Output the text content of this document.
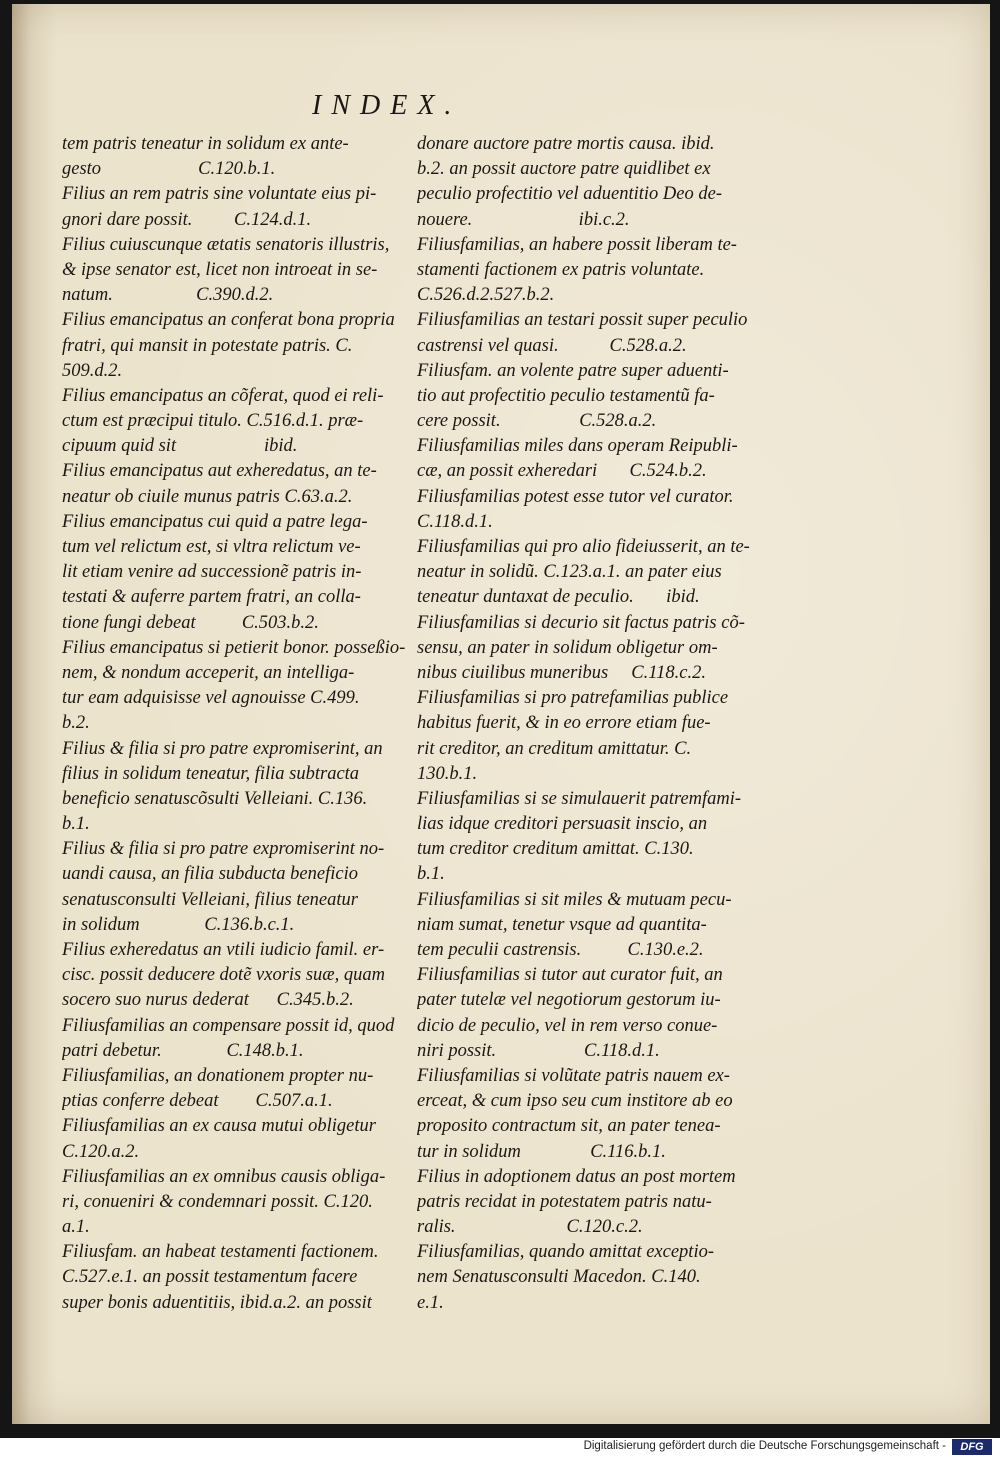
INDEX.
tem patris teneatur in solidum ex ante-
gesto                     C.120.b.1.
Filius an rem patris sine voluntate eius pi-
gnori dare possit.         C.124.d.1.
Filius cuiuscunque ætatis senatoris illustris,
& ipse senator est, licet non introeat in se-
natum.                  C.390.d.2.
Filius emancipatus an conferat bona propria
fratri, qui mansit in potestate patris. C.
509.d.2.
Filius emancipatus an cõferat, quod ei reli-
ctum est præcipui titulo. C.516.d.1. præ-
cipuum quid sit                   ibid.
Filius emancipatus aut exheredatus, an te-
neatur ob ciuile munus patris C.63.a.2.
Filius emancipatus cui quid a patre lega-
tum vel relictum est, si vltra relictum ve-
lit etiam venire ad successionẽ patris in-
testati & auferre partem fratri, an colla-
tione fungi debeat          C.503.b.2.
Filius emancipatus si petierit bonor. posseßio-
nem, & nondum acceperit, an intelliga-
tur eam adquisisse vel agnouisse C.499.
b.2.
Filius & filia si pro patre expromiserint, an
filius in solidum teneatur, filia subtracta
beneficio senatuscõsulti Velleiani. C.136.
b.1.
Filius & filia si pro patre expromiserint no-
uandi causa, an filia subducta beneficio
senatusconsulti Velleiani, filius teneatur
in solidum              C.136.b.c.1.
Filius exheredatus an vtili iudicio famil. er-
cisc. possit deducere dotẽ vxoris suæ, quam
socero suo nurus dederat      C.345.b.2.
Filiusfamilias an compensare possit id, quod
patri debetur.              C.148.b.1.
Filiusfamilias, an donationem propter nu-
ptias conferre debeat        C.507.a.1.
Filiusfamilias an ex causa mutui obligetur
C.120.a.2.
Filiusfamilias an ex omnibus causis obliga-
ri, conueniri & condemnari possit. C.120.
a.1.
Filiusfam. an habeat testamenti factionem.
C.527.e.1. an possit testamentum facere
super bonis aduentitiis, ibid.a.2. an possit
donare auctore patre mortis causa. ibid.
b.2. an possit auctore patre quidlibet ex
peculio profectitio vel aduentitio Deo de-
nouere.                       ibi.c.2.
Filiusfamilias, an habere possit liberam te-
stamenti factionem ex patris voluntate.
C.526.d.2.527.b.2.
Filiusfamilias an testari possit super peculio
castrensi vel quasi.           C.528.a.2.
Filiusfam. an volente patre super aduenti-
tio aut profectitio peculio testamentũ fa-
cere possit.                 C.528.a.2.
Filiusfamilias miles dans operam Reipubli-
cæ, an possit exheredari       C.524.b.2.
Filiusfamilias potest esse tutor vel curator.
C.118.d.1.
Filiusfamilias qui pro alio fideiusserit, an te-
neatur in solidũ. C.123.a.1. an pater eius
teneatur duntaxat de peculio.       ibid.
Filiusfamilias si decurio sit factus patris cõ-
sensu, an pater in solidum obligetur om-
nibus ciuilibus muneribus     C.118.c.2.
Filiusfamilias si pro patrefamilias publice
habitus fuerit, & in eo errore etiam fue-
rit creditor, an creditum amittatur. C.
130.b.1.
Filiusfamilias si se simulauerit patremfami-
lias idque creditori persuasit inscio, an
tum creditor creditum amittat. C.130.
b.1.
Filiusfamilias si sit miles & mutuam pecu-
niam sumat, tenetur vsque ad quantita-
tem peculii castrensis.          C.130.e.2.
Filiusfamilias si tutor aut curator fuit, an
pater tutelæ vel negotiorum gestorum iu-
dicio de peculio, vel in rem verso conue-
niri possit.                   C.118.d.1.
Filiusfamilias si volũtate patris nauem ex-
erceat, & cum ipso seu cum institore ab eo
proposito contractum sit, an pater tenea-
tur in solidum               C.116.b.1.
Filius in adoptionem datus an post mortem
patris recidat in potestatem patris natu-
ralis.                        C.120.c.2.
Filiusfamilias, quando amittat exceptio-
nem Senatusconsulti Macedon. C.140.
e.1.
Digitalisierung gefördert durch die Deutsche Forschungsgemeinschaft -	DFG
